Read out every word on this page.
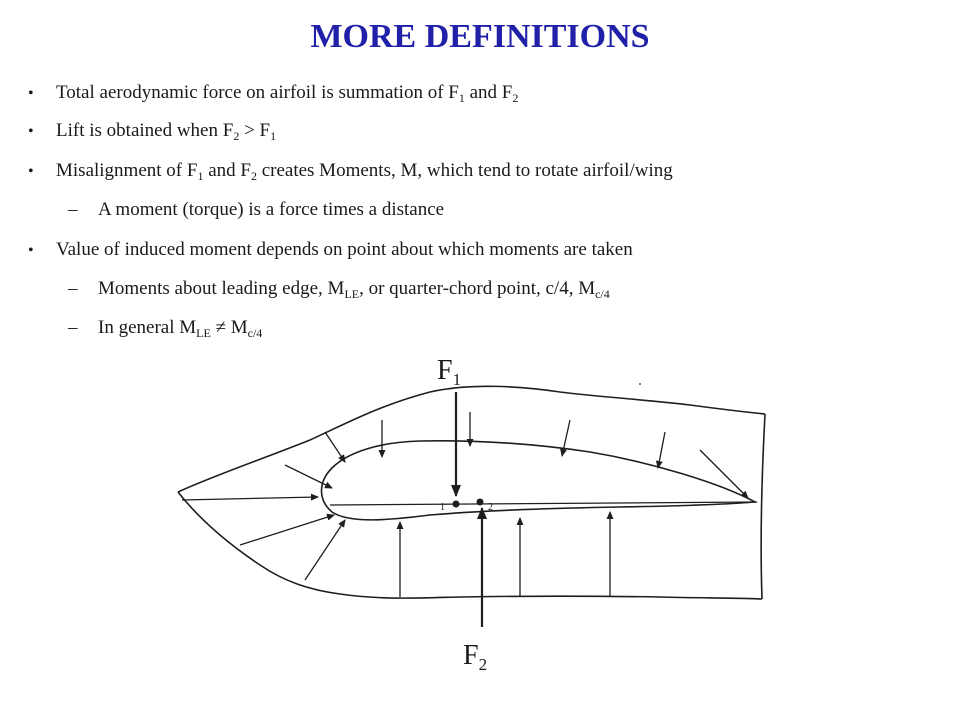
MORE DEFINITIONS
• Total aerodynamic force on airfoil is summation of $F_1$ and $F_2$
• Lift is obtained when $F_2 > F_1$
• Misalignment of $F_1$ and $F_2$ creates Moments, M, which tend to rotate airfoil/wing
– A moment (torque) is a force times a distance
• Value of induced moment depends on point about which moments are taken
– Moments about leading edge, $M_{LE}$, or quarter-chord point, c/4, $M_{c/4}$
– In general $M_{LE} \ne M_{c/4}$
1	2
$F_1$
$F_2$
